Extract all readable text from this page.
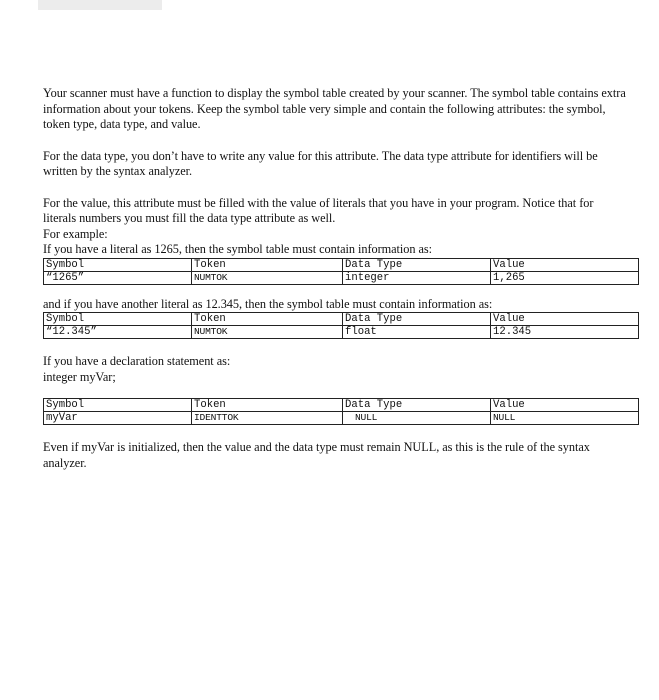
Your scanner must have a function to display the symbol table created by your scanner. The symbol table contains extra information about your tokens. Keep the symbol table very simple and contain the following attributes: the symbol, token type, data type, and value.

For the data type, you don’t have to write any value for this attribute. The data type attribute for identifiers will be written by the syntax analyzer.

For the value, this attribute must be filled with the value of literals that you have in your program. Notice that for literals numbers you must fill the data type attribute as well.

For example:

If you have a literal as 1265, then the symbol table must contain information as:

Symbol	Token	Data Type	Value
“1265”	NUMTOK	integer	1,265

and if you have another literal as 12.345, then the symbol table must contain information as:

Symbol	Token	Data Type	Value
“12.345”	NUMTOK	float	12.345

If you have a declaration statement as:

integer myVar;

Symbol	Token	Data Type	Value
myVar	IDENTTOK	NULL	NULL

Even if myVar is initialized, then the value and the data type must remain NULL, as this is the rule of the syntax analyzer.
